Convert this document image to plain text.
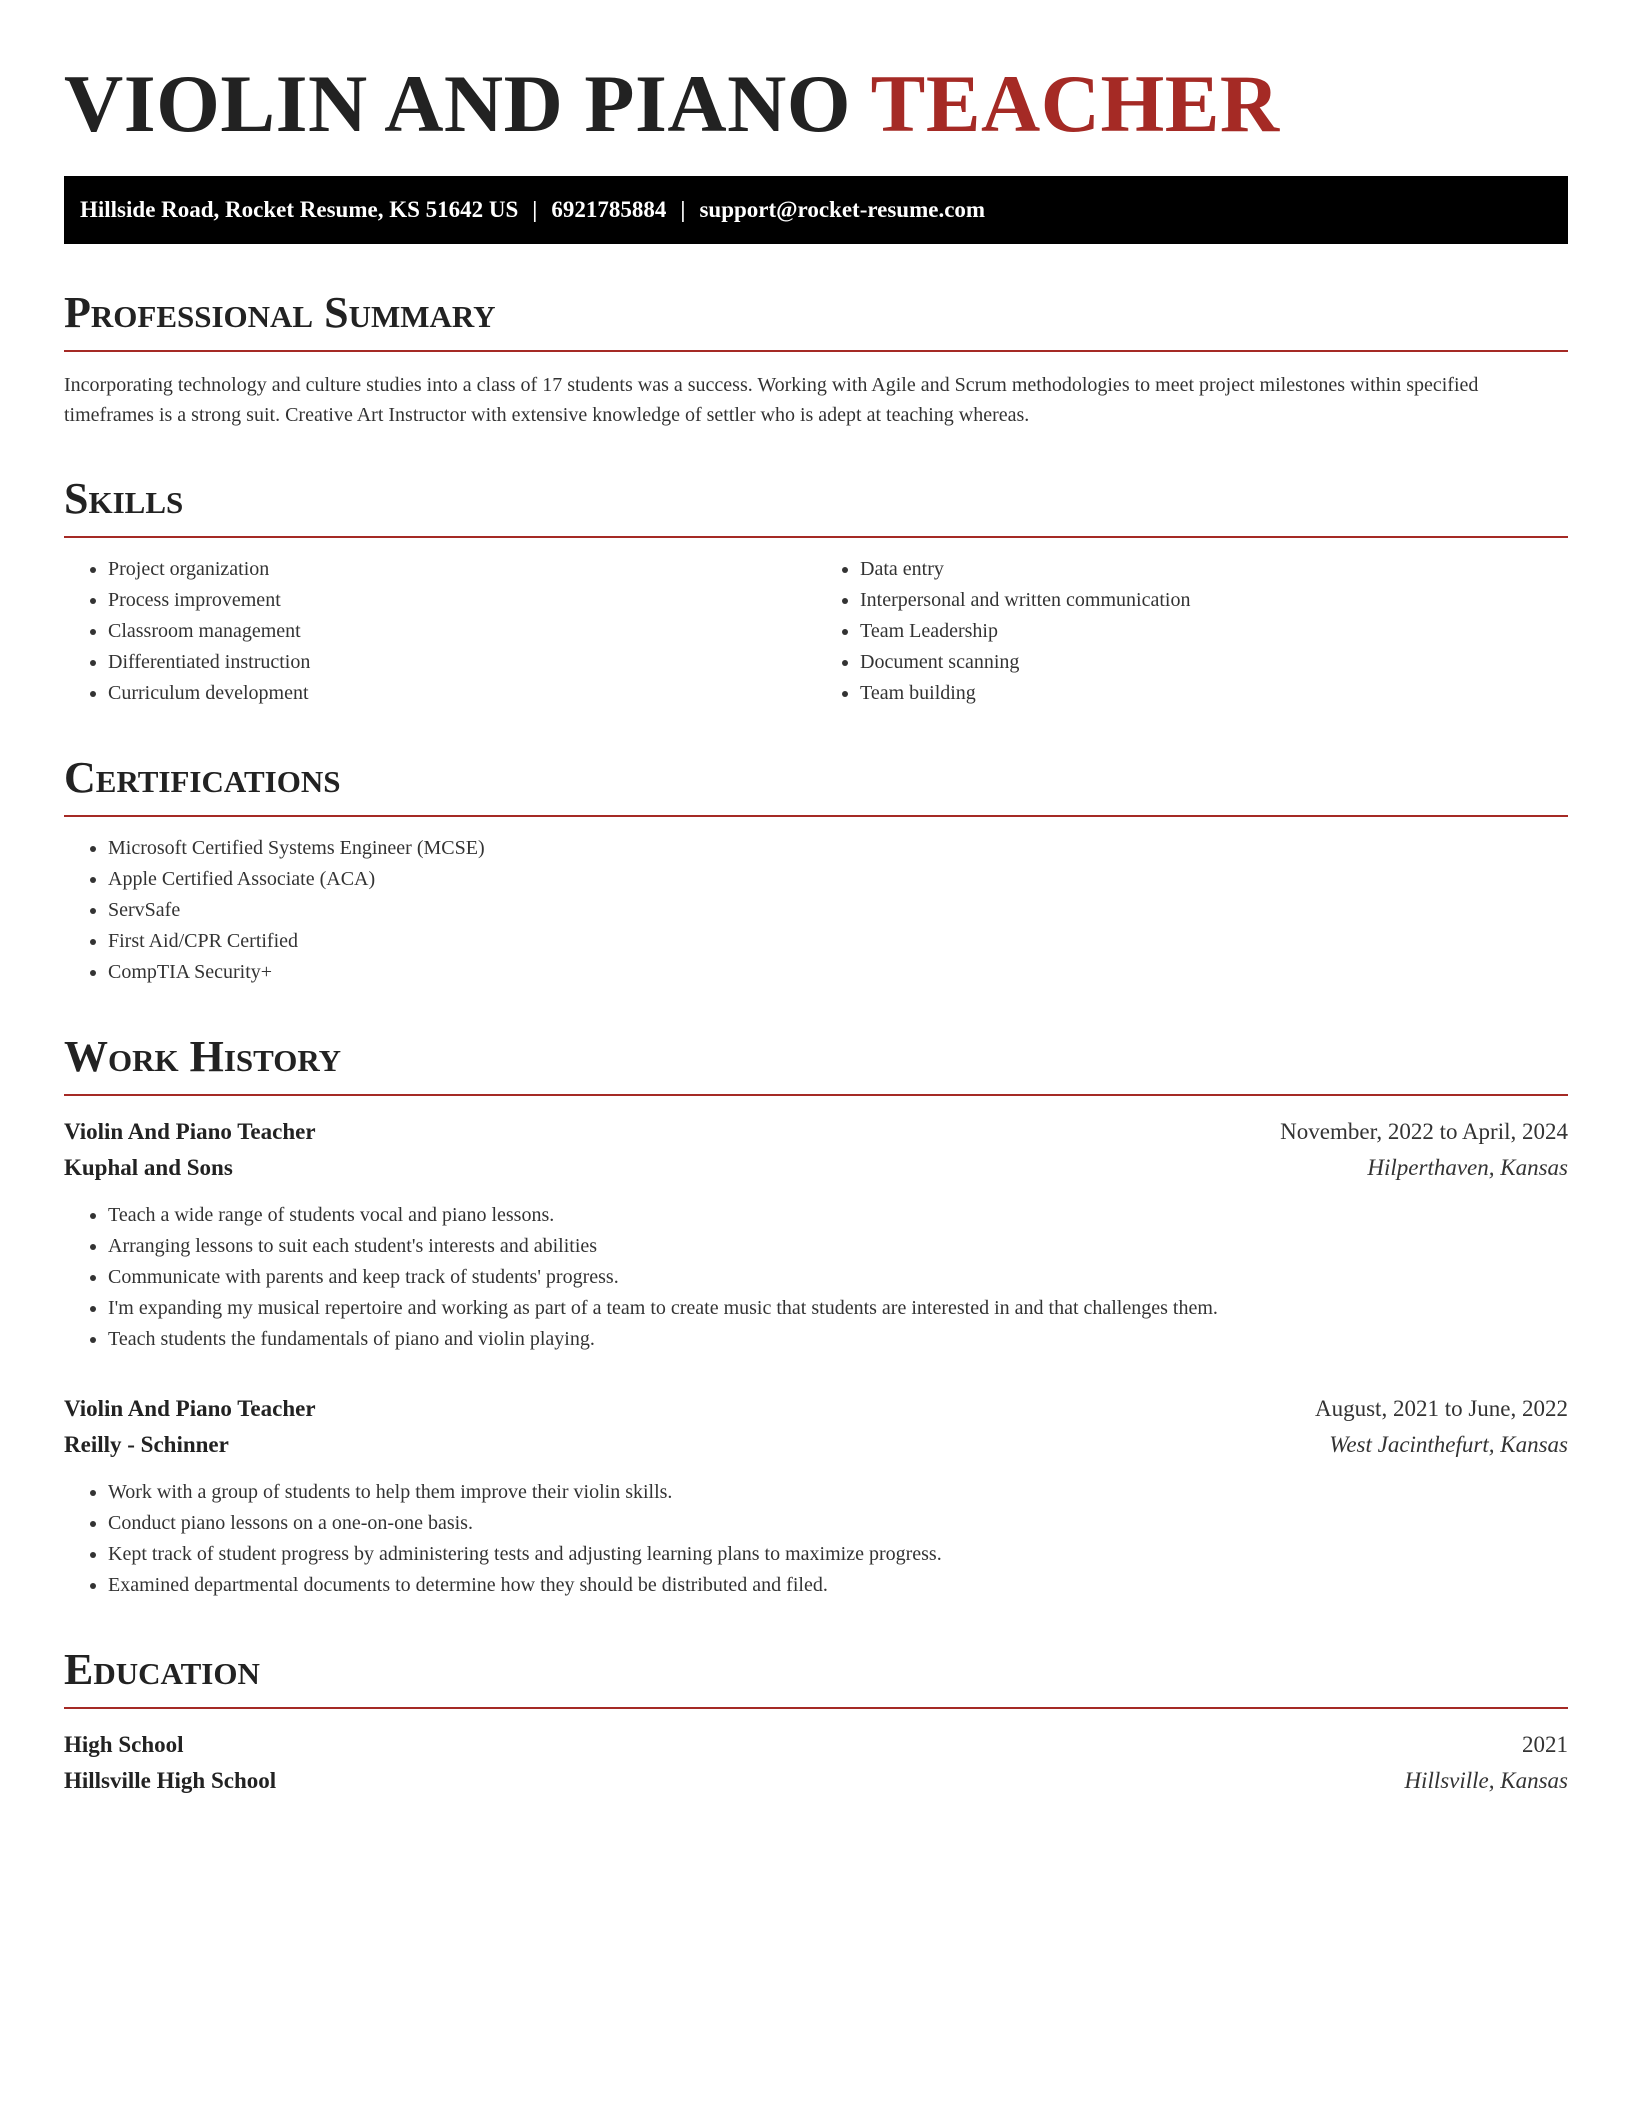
VIOLIN AND PIANO TEACHER
Hillside Road, Rocket Resume, KS 51642 US | 6921785884 | support@rocket-resume.com
Professional Summary

Incorporating technology and culture studies into a class of 17 students was a success. Working with Agile and Scrum methodologies to meet project milestones within specified timeframes is a strong suit. Creative Art Instructor with extensive knowledge of settler who is adept at teaching whereas.

Skills
• Project organization
• Process improvement
• Classroom management
• Differentiated instruction
• Curriculum development
• Data entry
• Interpersonal and written communication
• Team Leadership
• Document scanning
• Team building
Certifications
• Microsoft Certified Systems Engineer (MCSE)
• Apple Certified Associate (ACA)
• ServSafe
• First Aid/CPR Certified
• CompTIA Security+
Work History
Violin And Piano Teacher	November, 2022 to April, 2024
Kuphal and Sons	Hilperthaven, Kansas
• Teach a wide range of students vocal and piano lessons.
• Arranging lessons to suit each student's interests and abilities
• Communicate with parents and keep track of students' progress.
• I'm expanding my musical repertoire and working as part of a team to create music that students are interested in and that challenges them.
• Teach students the fundamentals of piano and violin playing.
Violin And Piano Teacher	August, 2021 to June, 2022
Reilly - Schinner	West Jacinthefurt, Kansas
• Work with a group of students to help them improve their violin skills.
• Conduct piano lessons on a one-on-one basis.
• Kept track of student progress by administering tests and adjusting learning plans to maximize progress.
• Examined departmental documents to determine how they should be distributed and filed.
Education
High School	2021
Hillsville High School	Hillsville, Kansas
